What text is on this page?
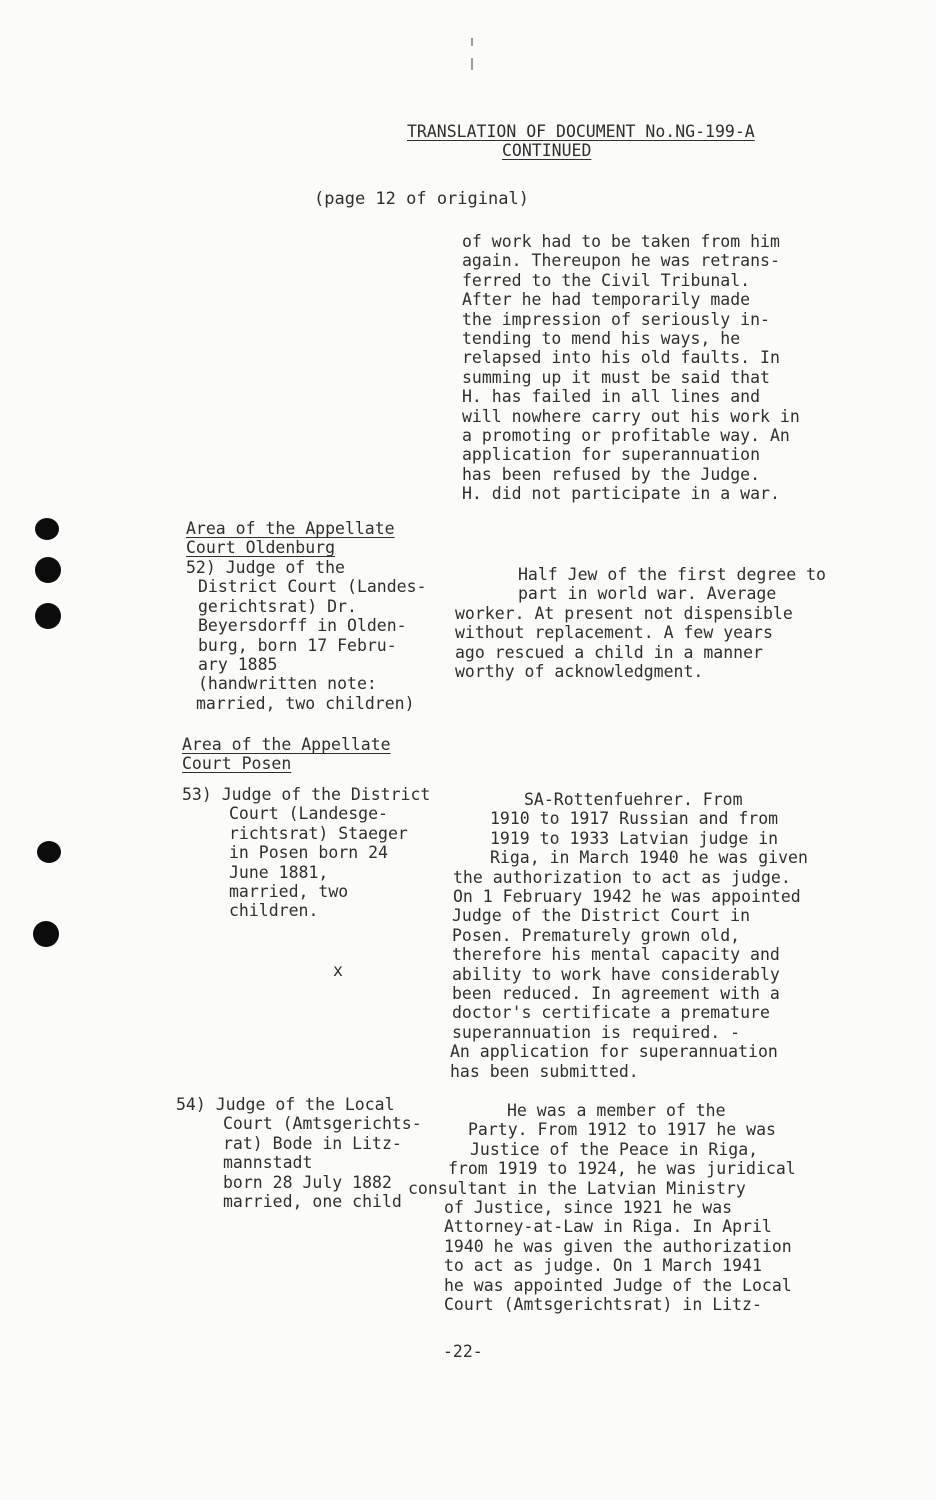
TRANSLATION OF DOCUMENT No.NG-199-A

CONTINUED

(page 12 of original)

of work had to be taken from him

again. Thereupon he was retrans-

ferred to the Civil Tribunal.

After he had temporarily made

the impression of seriously in-

tending to mend his ways, he

relapsed into his old faults. In

summing up it must be said that

H. has failed in all lines and

will nowhere carry out his work in

a promoting or profitable way. An

application for superannuation

has been refused by the Judge.

H. did not participate in a war.

Area of the Appellate

Court Oldenburg

52) Judge of the

District Court (Landes-

gerichtsrat) Dr.

Beyersdorff in Olden-

burg, born 17 Febru-

ary 1885

(handwritten note:

married, two children)

Half Jew of the first degree to

part in world war. Average

worker. At present not dispensible

without replacement. A few years

ago rescued a child in a manner

worthy of acknowledgment.

Area of the Appellate

Court Posen

53) Judge of the District

Court (Landesge-

richtsrat) Staeger

in Posen born 24

June 1881,

married, two

children.

x

SA-Rottenfuehrer. From

1910 to 1917 Russian and from

1919 to 1933 Latvian judge in

Riga, in March 1940 he was given

the authorization to act as judge.

On 1 February 1942 he was appointed

Judge of the District Court in

Posen. Prematurely grown old,

therefore his mental capacity and

ability to work have considerably

been reduced. In agreement with a

doctor's certificate a premature

superannuation is required. -

An application for superannuation

has been submitted.

54) Judge of the Local

Court (Amtsgerichts-

rat) Bode in Litz-

mannstadt

born 28 July 1882

married, one child

He was a member of the

Party. From 1912 to 1917 he was

Justice of the Peace in Riga,

from 1919 to 1924, he was juridical

consultant in the Latvian Ministry

of Justice, since 1921 he was

Attorney-at-Law in Riga. In April

1940 he was given the authorization

to act as judge. On 1 March 1941

he was appointed Judge of the Local

Court (Amtsgerichtsrat) in Litz-

-22-
